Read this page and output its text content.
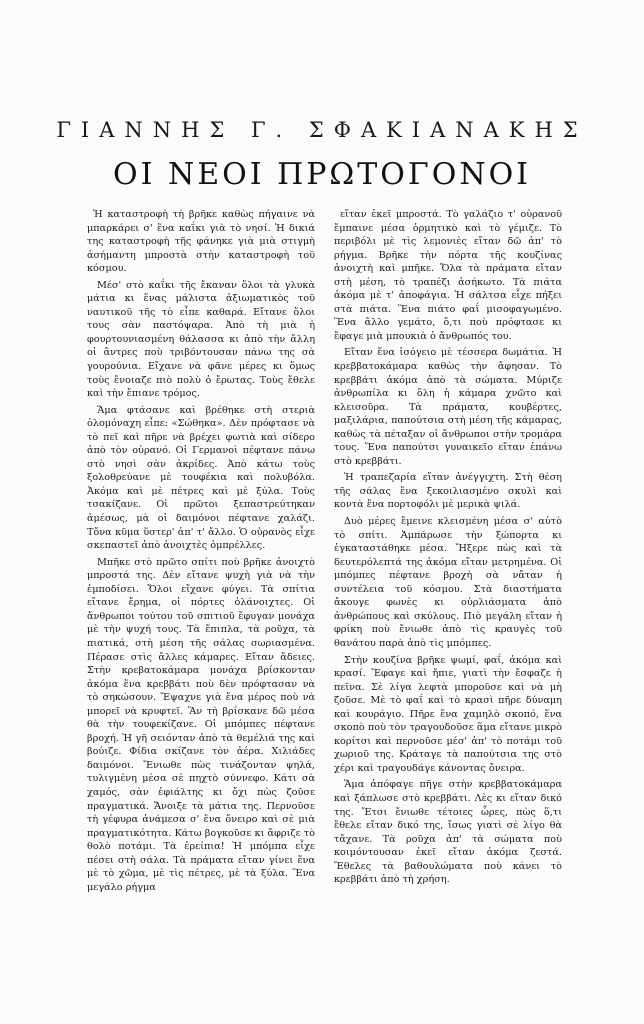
ΓΙΑΝΝΗΣ Γ. ΣΦΑΚΙΑΝΑΚΗΣ
ΟΙ ΝΕΟΙ ΠΡΩΤΟΓΟΝΟΙ

Ἡ καταστροφὴ τὴ βρῆκε καθὼς πήγαινε νὰ μπαρκάρει σ' ἕνα καΐκι γιὰ τὸ νησί. Ἡ δικιά της καταστροφὴ τῆς φάνηκε γιὰ μιὰ στιγμὴ ἀσήμαντη μπροστὰ στὴν καταστροφὴ τοῦ κόσμου.

Μέσ' στὸ καΐκι τῆς ἔκαναν ὅλοι τὰ γλυκὰ μάτια κι ἕνας μάλιστα ἀξιωματικὸς τοῦ ναυτικοῦ τῆς τὸ εἶπε καθαρά. Εἴτανε ὅλοι τους σὰν παστόψαρα. Ἀπὸ τὴ μιὰ ἡ φουρτουνιασμένη θάλασσα κι ἀπὸ τὴν ἄλλη οἱ ἄντρες ποὺ τριβόντουσαν πάνω της σὰ γουρούνια. Εἴχανε νὰ φᾶνε μέρες κι ὅμως τοὺς ἔνοιαζε πιὸ πολὺ ὁ ἔρωτας. Τοὺς ἔθελε καὶ τὴν ἔπιανε τρόμος.

Ἅμα φτάσανε καὶ βρέθηκε στὴ στεριὰ ὁλομόναχη εἶπε: «Σώθηκα». Δὲν πρόφτασε νὰ τὸ πεῖ καὶ πῆρε νὰ βρέχει φωτιὰ καὶ σίδερο ἀπὸ τὸν οὐρανό. Οἱ Γερμανοὶ πέφτανε πάνω στὸ νησὶ σὰν ἀκρίδες. Ἀπὸ κάτω τοὺς ξολοθρεύανε μὲ τουφέκια καὶ πολυβόλα. Ἀκόμα καὶ μὲ πέτρες καὶ μὲ ξύλα. Τοὺς τσακίζανε. Οἱ πρῶτοι ξεπαστρεύτηκαν ἀμέσως, μὰ οἱ δαιμόνοι πέφτανε χαλάζι. Τὄνα κῦμα ὕστερ' ἀπ' τ' ἄλλο. Ὁ οὐρανὸς εἶχε σκεπαστεῖ ἀπὸ ἀνοιχτὲς ὀμπρέλλες.

Μπῆκε στὸ πρῶτο σπίτι ποὺ βρῆκε ἀνοιχτὸ μπροστά της. Δὲν εἴτανε ψυχὴ γιὰ νὰ τὴν ἐμποδίσει. Ὅλοι εἴχανε φύγει. Τὰ σπίτια εἴτανε ἔρημα, οἱ πόρτες ὁλάνοιχτες. Οἱ ἄνθρωποι τούτου τοῦ σπιτιοῦ ἔφυγαν μονάχα μὲ τὴν ψυχή τους. Τὰ ἔπιπλα, τὰ ροῦχα, τὰ πιατικά, στὴ μέση τῆς σάλας σωριασμένα. Πέρασε στὶς ἄλλες κάμαρες. Εἴταν ἄδειες. Στὴν κρεβατοκάμαρα μονάχα βρίσκονταν ἀκόμα ἕνα κρεββάτι ποὺ δὲν πρόφτασαν νὰ τὸ σηκώσουν. Ἔψαχνε γιὰ ἕνα μέρος ποὺ νὰ μπορεῖ νὰ κρυφτεῖ. Ἂν τὴ βρίσκανε δῶ μέσα θὰ τὴν τουφεκίζανε. Οἱ μπόμπες πέφτανε βροχή. Ἡ γῆ σειόνταν ἀπὸ τὰ θεμέλιά της καὶ βούιζε. Φίδια σκίζανε τὸν ἀέρα. Χιλιάδες δαιμόνοι. Ἔνιωθε πὼς τινάζονταν ψηλά, τυλιγμένη μέσα σὲ πηχτὸ σύννεφο. Κάτι σὰ χαμός, σὰν ἐφιάλτης κι ὄχι πὼς ζοῦσε πραγματικά. Ἄνοιξε τὰ μάτια της. Περνοῦσε τὴ γέφυρα ἀνάμεσα σ' ἕνα ὄνειρο καὶ σὲ μιὰ πραγματικότητα. Κάτω βογκοῦσε κι ἄφριζε τὸ θολὸ ποτάμι. Τὰ ἐρείπια! Ἡ μπόμπα εἶχε πέσει στὴ σάλα. Τὰ πράματα εἴταν γίνει ἕνα μὲ τὸ χῶμα, μὲ τὶς πέτρες, μὲ τὰ ξύλα. Ἕνα μεγάλο ρήγμα

εἴταν ἐκεῖ μπροστά. Τὸ γαλάζιο τ' οὐρανοῦ ἔμπαινε μέσα ὁρμητικὸ καὶ τὸ γέμιζε. Τὸ περιβόλι μὲ τὶς λεμονιὲς εἴταν δῶ ἀπ' τὸ ρήγμα. Βρῆκε τὴν πόρτα τῆς κουζίνας ἀνοιχτὴ καὶ μπῆκε. Ὅλα τὰ πράματα εἴταν στὴ μέση, τὸ τραπέζι ἀσήκωτο. Τὰ πιάτα ἀκόμα μὲ τ' ἀποφάγια. Ἡ σάλτσα εἶχε πήξει στὰ πιάτα. Ἕνα πιάτο φαΐ μισοφαγωμένο. Ἕνα ἄλλο γεμάτο, ὅ,τι ποὺ πρόφτασε κι ἔφαγε μιὰ μπουκιὰ ὁ ἄνθρωπός του.

Εἴταν ἕνα ἰσόγειο μὲ τέσσερα δωμάτια. Ἡ κρεββατοκάμαρα καθὼς τὴν ἄφησαν. Τὸ κρεββάτι ἀκόμα ἀπὸ τὰ σώματα. Μύριζε ἀνθρωπίλα κι ὅλη ἡ κάμαρα χνῶτο καὶ κλεισοῦρα. Τὰ πράματα, κουβέρτες, μαξιλάρια, παπούτσια στὴ μέση τῆς κάμαρας, καθὼς τὰ πέταξαν οἱ ἄνθρωποι στὴν τρομάρα τους. Ἕνα παπούτσι γυναικεῖο εἴταν ἐπάνω στὸ κρεββάτι.

Ἡ τραπεζαρία εἴταν ἀνέγγιχτη. Στὴ θέση τῆς σάλας ἕνα ξεκοιλιασμένο σκυλὶ καὶ κοντὰ ἕνα πορτοφόλι μὲ μερικὰ ψιλά.

Δυὸ μέρες ἔμεινε κλεισμένη μέσα σ' αὐτὸ τὸ σπίτι. Ἀμπάρωσε τὴν ξώπορτα κι ἐγκαταστάθηκε μέσα. Ἤξερε πὼς καὶ τὰ δευτερόλεπτά της ἀκόμα εἴταν μετρημένα. Οἱ μπόμπες πέφτανε βροχὴ σὰ νἄταν ἡ συντέλεια τοῦ κόσμου. Στὰ διαστήματα ἄκουγε φωνὲς κι οὐρλιάσματα ἀπὸ ἀνθρώπους καὶ σκύλους. Πιὸ μεγάλη εἴταν ἡ φρίκη ποὺ ἔνιωθε ἀπὸ τὶς κραυγὲς τοῦ θανάτου παρὰ ἀπὸ τὶς μπόμπες.

Στὴν κουζίνα βρῆκε ψωμί, φαΐ, ἀκόμα καὶ κρασί. Ἔφαγε καὶ ἤπιε, γιατὶ τὴν ἔσφαζε ἡ πεῖνα. Σὲ λίγα λεφτὰ μποροῦσε καὶ νὰ μὴ ζοῦσε. Μὲ τὸ φαΐ καὶ τὸ κρασὶ πῆρε δύναμη καὶ κουράγιο. Πῆρε ἕνα χαμηλὸ σκοπό, ἕνα σκοπὸ ποὺ τὸν τραγουδοῦσε ἅμα εἴτανε μικρὸ κορίτσι καὶ περνοῦσε μέσ' ἀπ' τὸ ποτάμι τοῦ χωριοῦ της. Κράταγε τὰ παπούτσια της στὸ χέρι καὶ τραγουδάγε κάνοντας ὄνειρα.

Ἅμα ἀπόφαγε πῆγε στὴν κρεββατοκάμαρα καὶ ξάπλωσε στὸ κρεββάτι. Λὲς κι εἴταν δικό της. Ἔτσι ἔνιωθε τέτοιες ὧρες, πὼς ὅ,τι ἔθελε εἴταν δικό της, ἴσως γιατὶ σὲ λίγο θὰ τἄχανε. Τὰ ροῦχα ἀπ' τὰ σώματα ποὺ κοιμόντουσαν ἐκεῖ εἴταν ἀκόμα ζεστά. Ἔθελες τὰ βαθουλώματα ποὺ κάνει τὸ κρεββάτι ἀπὸ τὴ χρήση.
